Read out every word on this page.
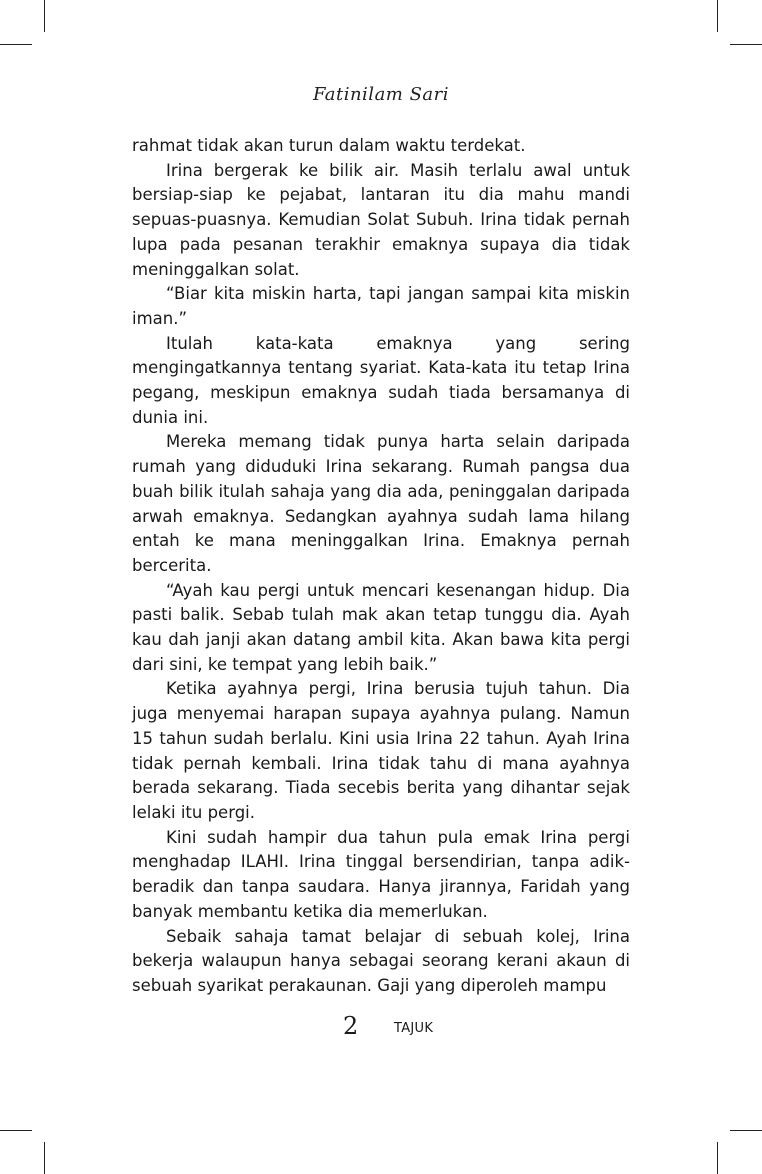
Fatinilam Sari

rahmat tidak akan turun dalam waktu terdekat.

Irina bergerak ke bilik air. Masih terlalu awal untuk bersiap-siap ke pejabat, lantaran itu dia mahu mandi sepuas-puasnya. Kemudian Solat Subuh. Irina tidak pernah lupa pada pesanan terakhir emaknya supaya dia tidak meninggalkan solat.

“Biar kita miskin harta, tapi jangan sampai kita miskin iman.”

Itulah kata-kata emaknya yang sering mengingatkannya tentang syariat. Kata-kata itu tetap Irina pegang, meskipun emaknya sudah tiada bersamanya di dunia ini.

Mereka memang tidak punya harta selain daripada rumah yang diduduki Irina sekarang. Rumah pangsa dua buah bilik itulah sahaja yang dia ada, peninggalan daripada arwah emaknya. Sedangkan ayahnya sudah lama hilang entah ke mana meninggalkan Irina. Emaknya pernah bercerita.

“Ayah kau pergi untuk mencari kesenangan hidup. Dia pasti balik. Sebab tulah mak akan tetap tunggu dia. Ayah kau dah janji akan datang ambil kita. Akan bawa kita pergi dari sini, ke tempat yang lebih baik.”

Ketika ayahnya pergi, Irina berusia tujuh tahun. Dia juga menyemai harapan supaya ayahnya pulang. Namun 15 tahun sudah berlalu. Kini usia Irina 22 tahun. Ayah Irina tidak pernah kembali. Irina tidak tahu di mana ayahnya berada sekarang. Tiada secebis berita yang dihantar sejak lelaki itu pergi.

Kini sudah hampir dua tahun pula emak Irina pergi menghadap ILAHI. Irina tinggal bersendirian, tanpa adik-beradik dan tanpa saudara. Hanya jirannya, Faridah yang banyak membantu ketika dia memerlukan.

Sebaik sahaja tamat belajar di sebuah kolej, Irina bekerja walaupun hanya sebagai seorang kerani akaun di sebuah syarikat perakaunan. Gaji yang diperoleh mampu

2	TAJUK
